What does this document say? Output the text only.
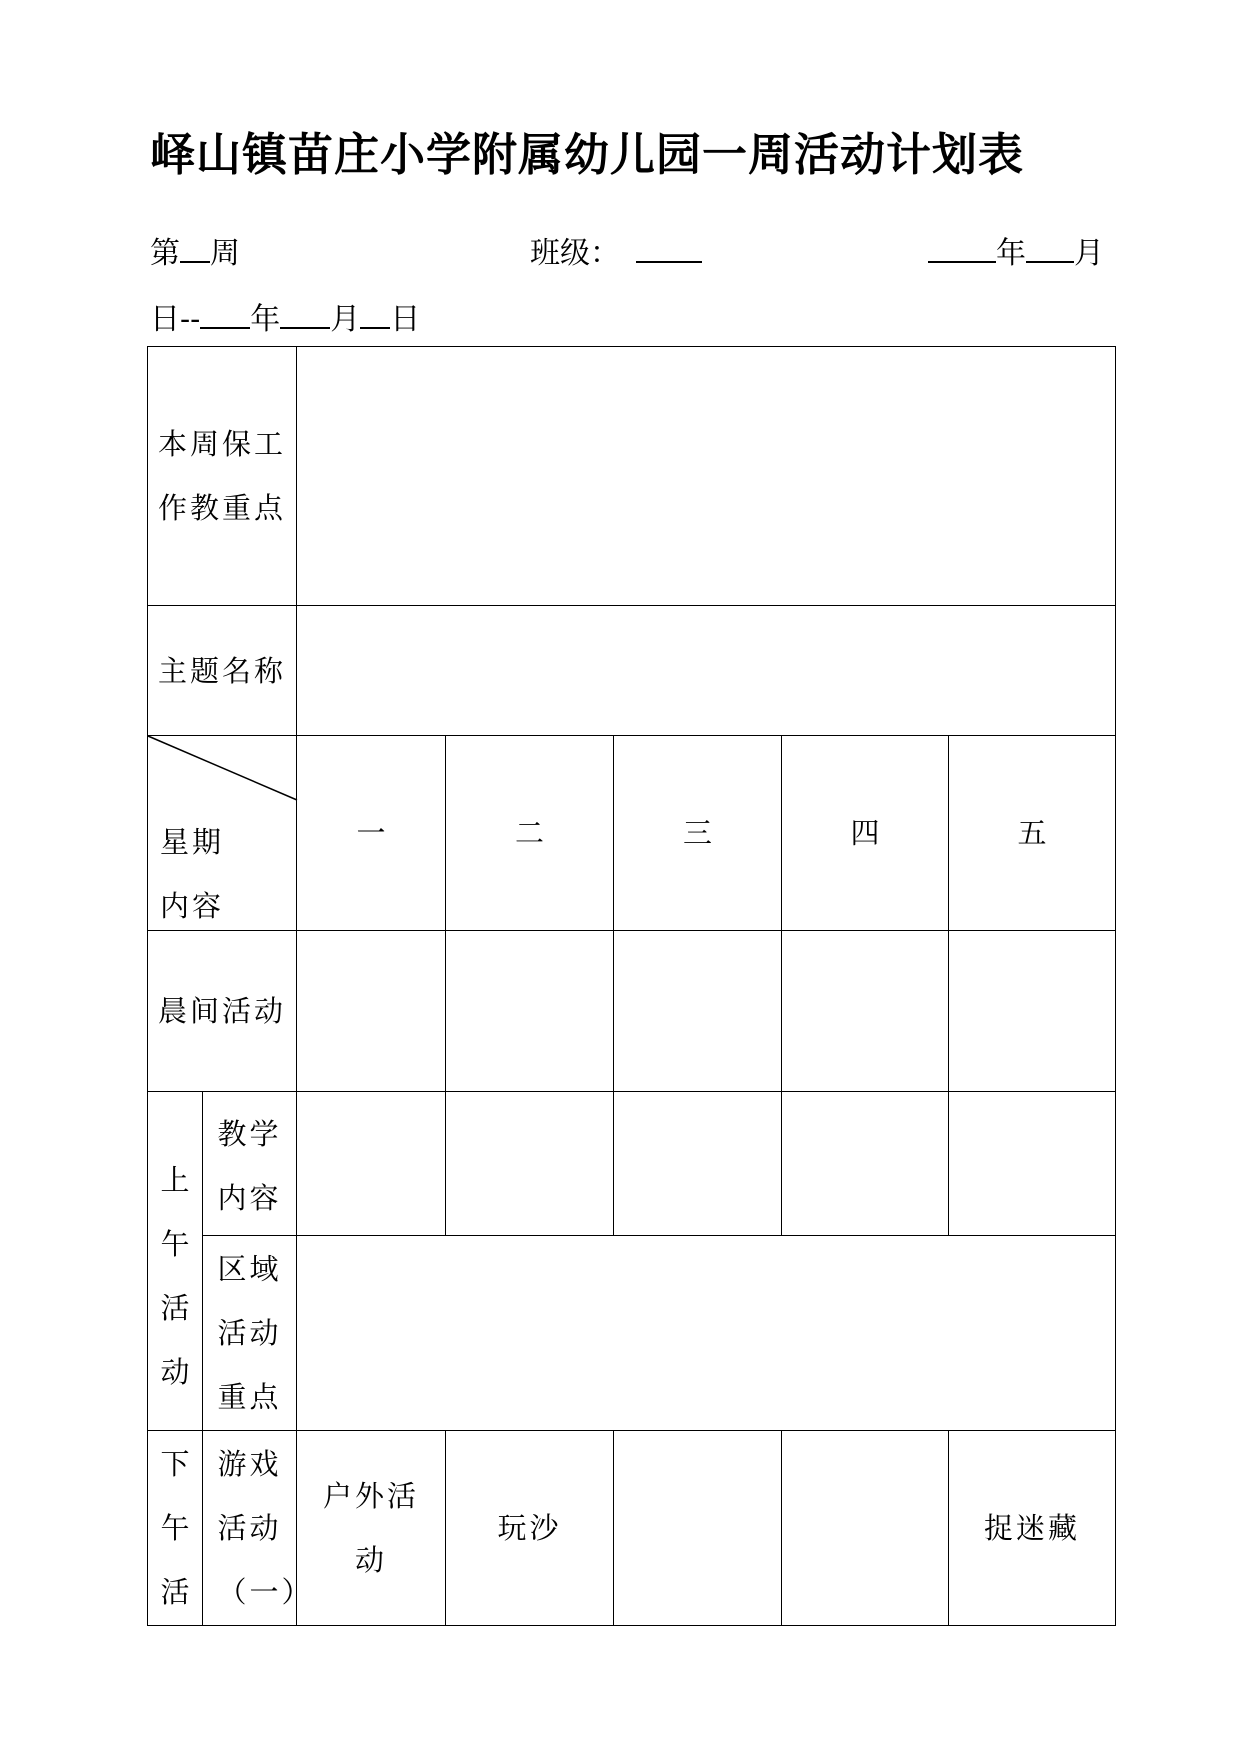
峄山镇苗庄小学附属幼儿园一周活动计划表
第 周	班级：	年 月
日-- 年 月 日
本周保工作教重点						

主题名称						

星期
内容		一	二	三	四	五

晨间活动						

上午活动	教学内容					

	区域活动重点					

下午活	游戏活动（一）	户外活动	玩沙			捉迷藏
